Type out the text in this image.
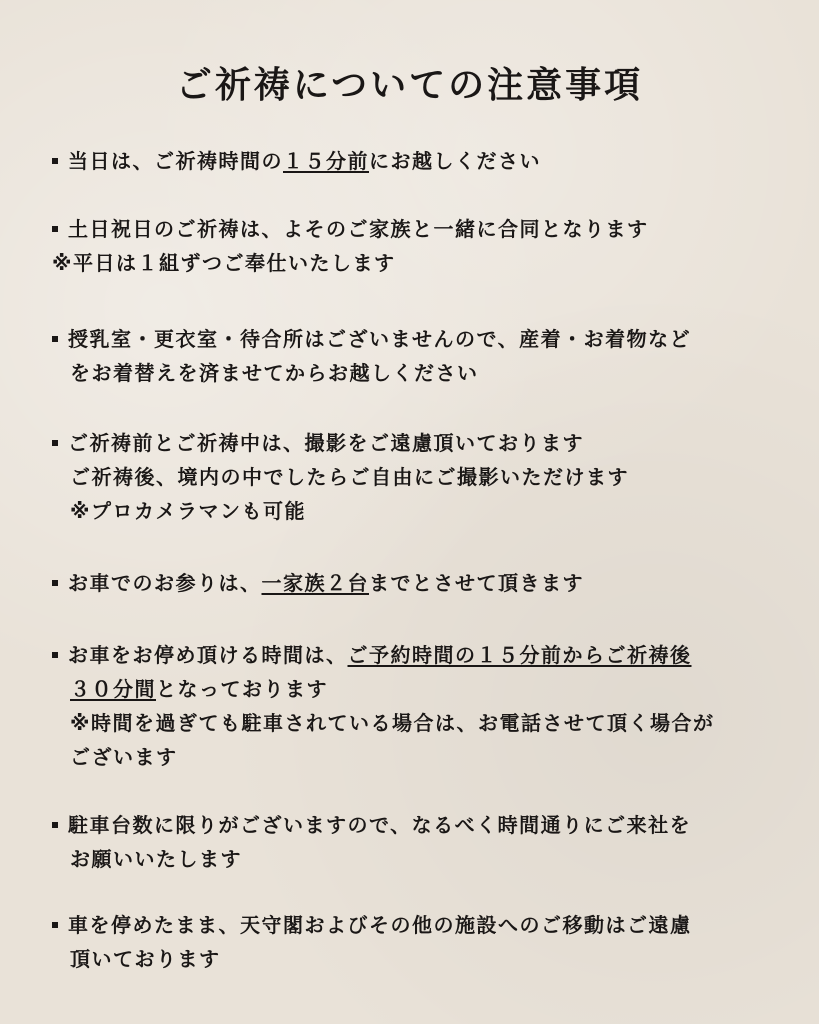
ご祈祷についての注意事項
当日は、ご祈祷時間の１５分前にお越しください
土日祝日のご祈祷は、よそのご家族と一緒に合同となります
※平日は１組ずつご奉仕いたします
授乳室・更衣室・待合所はございませんので、産着・お着物など
をお着替えを済ませてからお越しください
ご祈祷前とご祈祷中は、撮影をご遠慮頂いております
ご祈祷後、境内の中でしたらご自由にご撮影いただけます
※プロカメラマンも可能
お車でのお参りは、一家族２台までとさせて頂きます
お車をお停め頂ける時間は、ご予約時間の１５分前からご祈祷後
３０分間となっております
※時間を過ぎても駐車されている場合は、お電話させて頂く場合が
ございます
駐車台数に限りがございますので、なるべく時間通りにご来社を
お願いいたします
車を停めたまま、天守閣およびその他の施設へのご移動はご遠慮
頂いております
